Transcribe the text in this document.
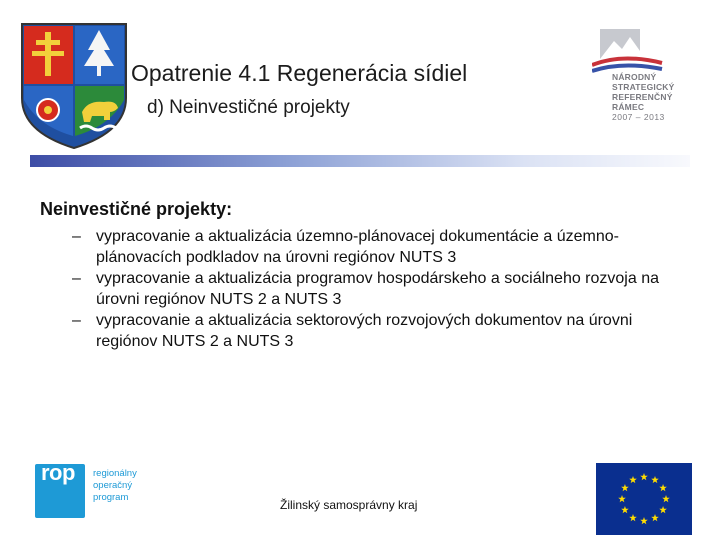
Opatrenie 4.1 Regenerácia sídiel
d) Neinvestičné projekty
NÁRODNÝ
STRATEGICKÝ
REFERENČNÝ
RÁMEC
2007 – 2013
Neinvestičné projekty:
– vypracovanie a aktualizácia územno-plánovacej dokumentácie a územno-plánovacích podkladov na úrovni regiónov NUTS 3
– vypracovanie a aktualizácia programov hospodárskeho a sociálneho rozvoja na úrovni regiónov NUTS 2 a NUTS 3
– vypracovanie a aktualizácia sektorových rozvojových dokumentov na úrovni regiónov NUTS 2 a NUTS 3
rop regionálny
operačný
program
Žilinský samosprávny kraj
